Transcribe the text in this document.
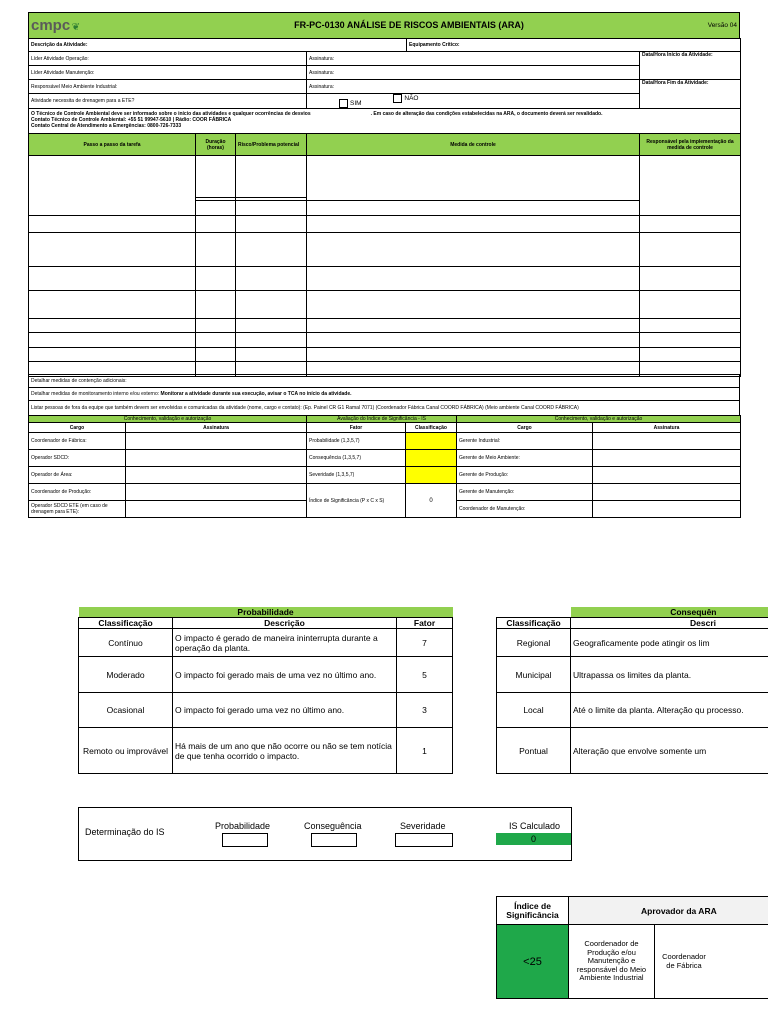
cmpc ❦	FR-PC-0130 ANÁLISE DE RISCOS AMBIENTAIS (ARA)	Versão 04
Descrição da Atividade:		Equipamento Crítico:	
Líder Atividade Operação:	Assinatura:		Data/Hora Início da Atividade:
Líder Atividade Manutenção:	Assinatura:		
Responsável Meio Ambiente Industrial:	Assinatura:		Data/Hora Fim da Atividade:
Atividade necessita de drenagem para a ETE?	SIM NÃO		

O Técnico de Controle Ambiental deve ser informado sobre o início das atividades e qualquer ocorrências de desvios . Em caso de alteração das condições estabelecidas na ARA, o documento deverá ser revalidado.
Contato Técnico de Controle Ambiental: +55 51 99947-5610 | Rádio: COOR FÁBRICA
Contato Central de Atendimento a Emergências: 0800-726-7333			
Passo a passo da tarefa	Duração (horas)	Risco/Problema potencial	Medida de controle	Responsável pela implementação da medida de controle
Detalhar medidas de contenção adicionais:
Detalhar medidas de monitoramento interno e/ou externo: Monitorar a atividade durante sua execução, avisar o TCA no início da atividade.
Listar pessoas de fora da equipe que também devem ser envolvidas e comunicadas da atividade (nome, cargo e contato): (Ep. Painel CR G1 Ramal 7071) (Coordenador Fábrica Canal COORD FÁBRICA) (Meio ambiente Canal COORD FÁBRICA)
Conhecimento, validação e autorização		Avaliação do Índice de Significância - IS		Conhecimento, validação e autorização	
Cargo	Assinatura	Fator	Classificação	Cargo	Assinatura
Coordenador de Fábrica:		Probabilidade (1,3,5,7)		Gerente Industrial:	
Operador SDCD:		Consequência (1,3,5,7)		Gerente de Meio Ambiente:	
Operador de Área:		Severidade (1,3,5,7)		Gerente de Produção:	
Coordenador de Produção:		Índice de Significância (P x C x S)	0	Gerente de Manutenção:	
Operador SDCD ETE (em caso de drenagem para ETE):				Coordenador de Manutenção:	
Probabilidade		
Classificação	Descrição	Fator
Contínuo	O impacto é gerado de maneira ininterrupta durante a operação da planta.	7
Moderado	O impacto foi gerado mais de uma vez no último ano.	5
Ocasional	O impacto foi gerado uma vez no último ano.	3
Remoto ou improvável	Há mais de um ano que não ocorre ou não se tem notícia de que tenha ocorrido o impacto.	1
	Consequên
Classificação	Descri
Regional	Geograficamente pode atingir os lim
Municipal	Ultrapassa os limites da planta.
Local	Até o limite da planta. Alteração qu processo.
Pontual	Alteração que envolve somente um
Determinação do IS
Probabilidade	Conseguência	Severidade	IS Calculado
0
Índice de Significância	Aprovador da ARA	
<25	Coordenador de Produção e/ou Manutenção e responsável do Meio Ambiente Industrial	Coordenador de Fábrica
